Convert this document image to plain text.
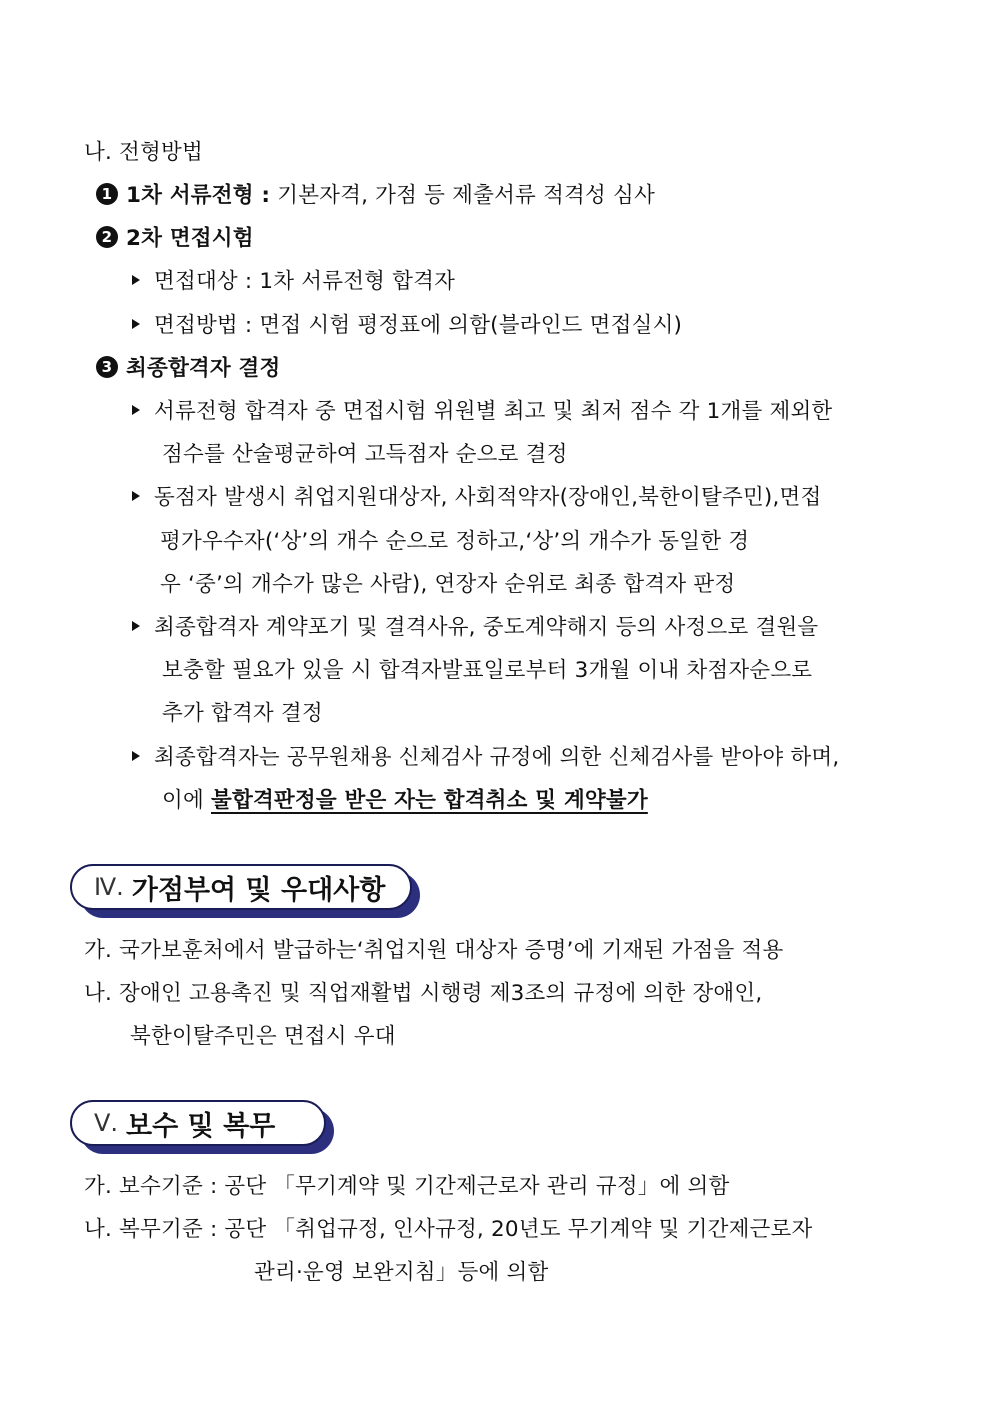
나. 전형방법
1 1차 서류전형 : 기본자격, 가점 등 제출서류 적격성 심사
2 2차 면접시험
면접대상 : 1차 서류전형 합격자
면접방법 : 면접 시험 평정표에 의함(블라인드 면접실시)
3 최종합격자 결정
서류전형 합격자 중 면접시험 위원별 최고 및 최저 점수 각 1개를 제외한
점수를 산술평균하여 고득점자 순으로 결정
동점자 발생시 취업지원대상자, 사회적약자(장애인,북한이탈주민),면접
평가우수자(‘상’의 개수 순으로 정하고,‘상’의 개수가 동일한 경
우 ‘중’의 개수가 많은 사람), 연장자 순위로 최종 합격자 판정
최종합격자 계약포기 및 결격사유, 중도계약해지 등의 사정으로 결원을
보충할 필요가 있을 시 합격자발표일로부터 3개월 이내 차점자순으로
추가 합격자 결정
최종합격자는 공무원채용 신체검사 규정에 의한 신체검사를 받아야 하며,
이에 불합격판정을 받은 자는 합격취소 및 계약불가
Ⅳ. 가점부여 및 우대사항
가. 국가보훈처에서 발급하는‘취업지원 대상자 증명’에 기재된 가점을 적용
나. 장애인 고용촉진 및 직업재활법 시행령 제3조의 규정에 의한 장애인,
북한이탈주민은 면접시 우대
Ⅴ. 보수 및 복무
가. 보수기준 : 공단 「무기계약 및 기간제근로자 관리 규정」에 의함
나. 복무기준 : 공단 「취업규정, 인사규정, 20년도 무기계약 및 기간제근로자
관리·운영 보완지침」등에 의함
